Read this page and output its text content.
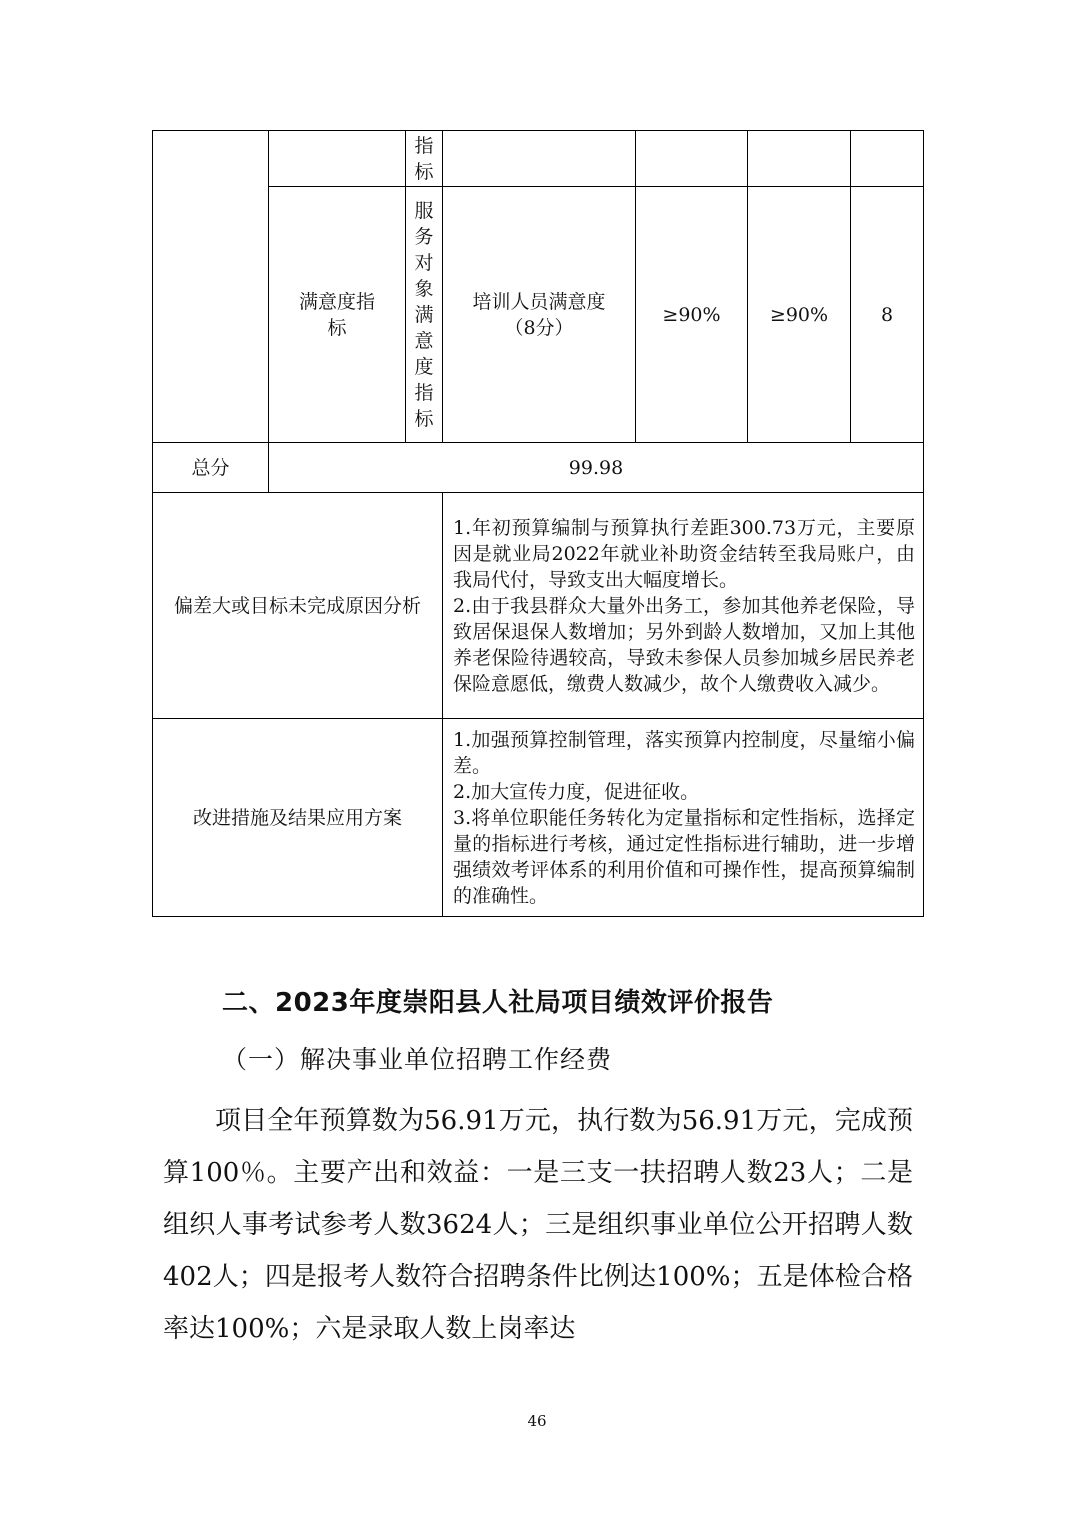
		指标				

	满意度指标	服务对象满意度指标	培训人员满意度（8分）	≥90%	≥90%	8
总分	99.98					

偏差大或目标未完成原因分析			1.年初预算编制与预算执行差距300.73万元，主要原因是就业局2022年就业补助资金结转至我局账户，由我局代付，导致支出大幅度增长。

2.由于我县群众大量外出务工，参加其他养老保险，导致居保退保人数增加；另外到龄人数增加，又加上其他养老保险待遇较高，导致未参保人员参加城乡居民养老保险意愿低，缴费人数减少，故个人缴费收入减少。			

改进措施及结果应用方案			1.加强预算控制管理，落实预算内控制度，尽量缩小偏差。

2.加大宣传力度，促进征收。

3.将单位职能任务转化为定量指标和定性指标，选择定量的指标进行考核，通过定性指标进行辅助，进一步增强绩效考评体系的利用价值和可操作性，提高预算编制的准确性。			

二、2023年度崇阳县人社局项目绩效评价报告
（一）解决事业单位招聘工作经费

项目全年预算数为56.91万元，执行数为56.91万元，完成预算100％。主要产出和效益：一是三支一扶招聘人数23人；二是组织人事考试参考人数3624人；三是组织事业单位公开招聘人数402人；四是报考人数符合招聘条件比例达100%；五是体检合格率达100%；六是录取人数上岗率达

46
